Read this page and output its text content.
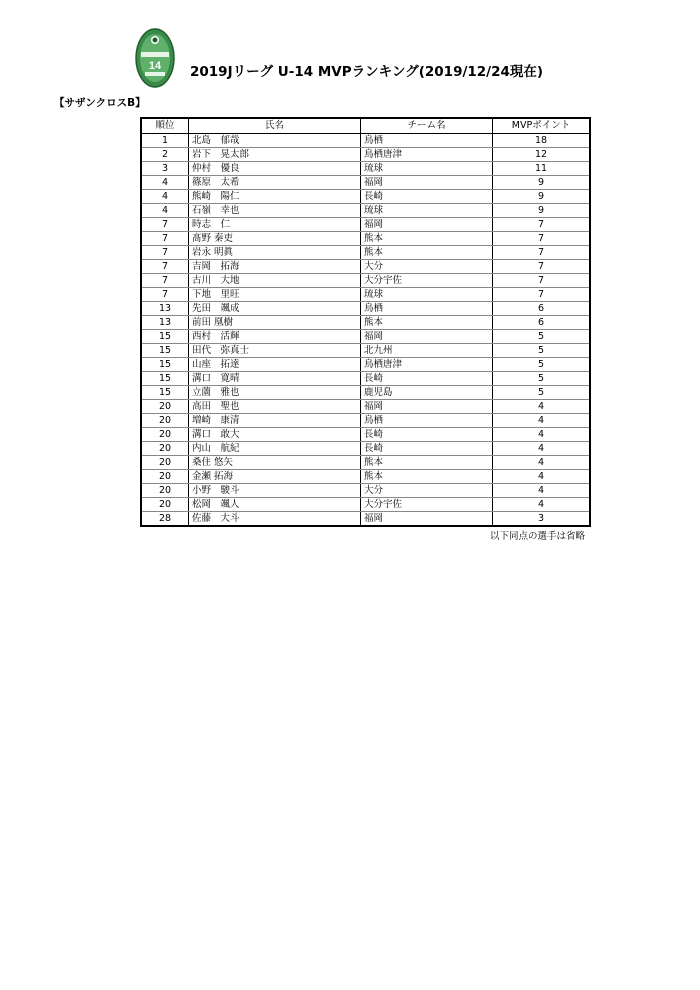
14 2019Jリーグ U-14 MVPランキング(2019/12/24現在)
【サザンクロスB】
順位	氏名	チーム名	MVPポイント
1	北島　郁哉	鳥栖	18
2	岩下　晃太郎	鳥栖唐津	12
3	仲村　優良	琉球	11
4	篠原　太希	福岡	9
4	熊崎　陽仁	長崎	9
4	石嶺　幸也	琉球	9
7	時志　仁	福岡	7
7	髙野 秦吏	熊本	7
7	岩永 明眞	熊本	7
7	吉岡　拓海	大分	7
7	古川　大地	大分宇佐	7
7	下地　里旺	琉球	7
13	先田　颯成	鳥栖	6
13	前田 凰樹	熊本	6
15	西村　活輝	福岡	5
15	田代　弥真士	北九州	5
15	山座　拓達	鳥栖唐津	5
15	溝口　寛晴	長崎	5
15	立薗　雅也	鹿児島	5
20	高田　聖也	福岡	4
20	増崎　康清	鳥栖	4
20	溝口　敢大	長崎	4
20	内山　航紀	長崎	4
20	桑住 悠矢	熊本	4
20	金瀬 拓海	熊本	4
20	小野　駿斗	大分	4
20	松岡　颯人	大分宇佐	4
28	佐藤　大斗	福岡	3
以下同点の選手は省略
